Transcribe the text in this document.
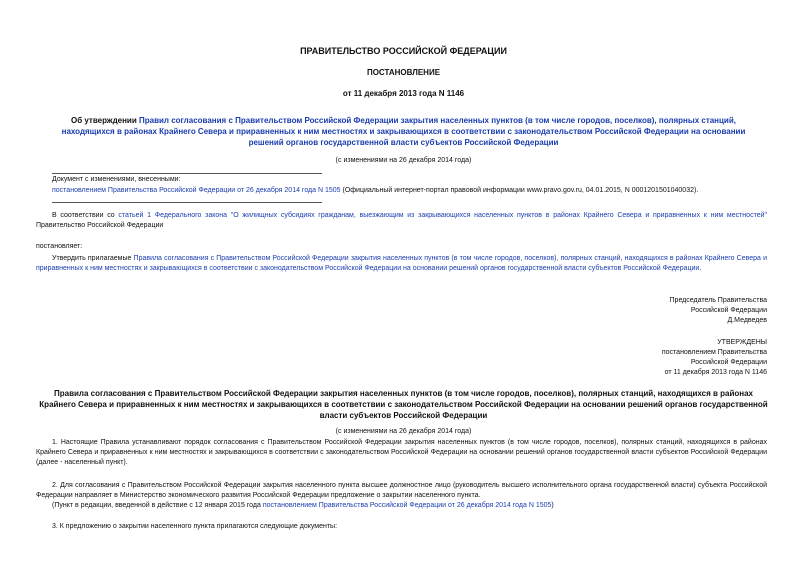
ПРАВИТЕЛЬСТВО РОССИЙСКОЙ ФЕДЕРАЦИИ
ПОСТАНОВЛЕНИЕ
от 11 декабря 2013 года N 1146
Об утверждении Правил согласования с Правительством Российской Федерации закрытия населенных пунктов (в том числе городов, поселков), полярных станций, находящихся в районах Крайнего Севера и приравненных к ним местностях и закрывающихся в соответствии с законодательством Российской Федерации на основании решений органов государственной власти субъектов Российской Федерации
(с изменениями на 26 декабря 2014 года)
Документ с изменениями, внесенными:
постановлением Правительства Российской Федерации от 26 декабря 2014 года N 1505 (Официальный интернет-портал правовой информации www.pravo.gov.ru, 04.01.2015, N 0001201501040032).
В соответствии со статьей 1 Федерального закона "О жилищных субсидиях гражданам, выезжающим из закрывающихся населенных пунктов в районах Крайнего Севера и приравненных к ним местностей" Правительство Российской Федерации
постановляет:
Утвердить прилагаемые Правила согласования с Правительством Российской Федерации закрытия населенных пунктов (в том числе городов, поселков), полярных станций, находящихся в районах Крайнего Севера и приравненных к ним местностях и закрывающихся в соответствии с законодательством Российской Федерации на основании решений органов государственной власти субъектов Российской Федерации.
Председатель Правительства
Российской Федерации
Д.Медведев
УТВЕРЖДЕНЫ
постановлением Правительства
Российской Федерации
от 11 декабря 2013 года N 1146
Правила согласования с Правительством Российской Федерации закрытия населенных пунктов (в том числе городов, поселков), полярных станций, находящихся в районах Крайнего Севера и приравненных к ним местностях и закрывающихся в соответствии с законодательством Российской Федерации на основании решений органов государственной власти субъектов Российской Федерации
(с изменениями на 26 декабря 2014 года)
1. Настоящие Правила устанавливают порядок согласования с Правительством Российской Федерации закрытия населенных пунктов (в том числе городов, поселков), полярных станций, находящихся в районах Крайнего Севера и приравненных к ним местностях и закрывающихся в соответствии с законодательством Российской Федерации на основании решений органов государственной власти субъектов Российской Федерации (далее - населенный пункт).
2. Для согласования с Правительством Российской Федерации закрытия населенного пункта высшее должностное лицо (руководитель высшего исполнительного органа государственной власти) субъекта Российской Федерации направляет в Министерство экономического развития Российской Федерации предложение о закрытии населенного пункта.
(Пункт в редакции, введенной в действие с 12 января 2015 года постановлением Правительства Российской Федерации от 26 декабря 2014 года N 1505)
3. К предложению о закрытии населенного пункта прилагаются следующие документы:
